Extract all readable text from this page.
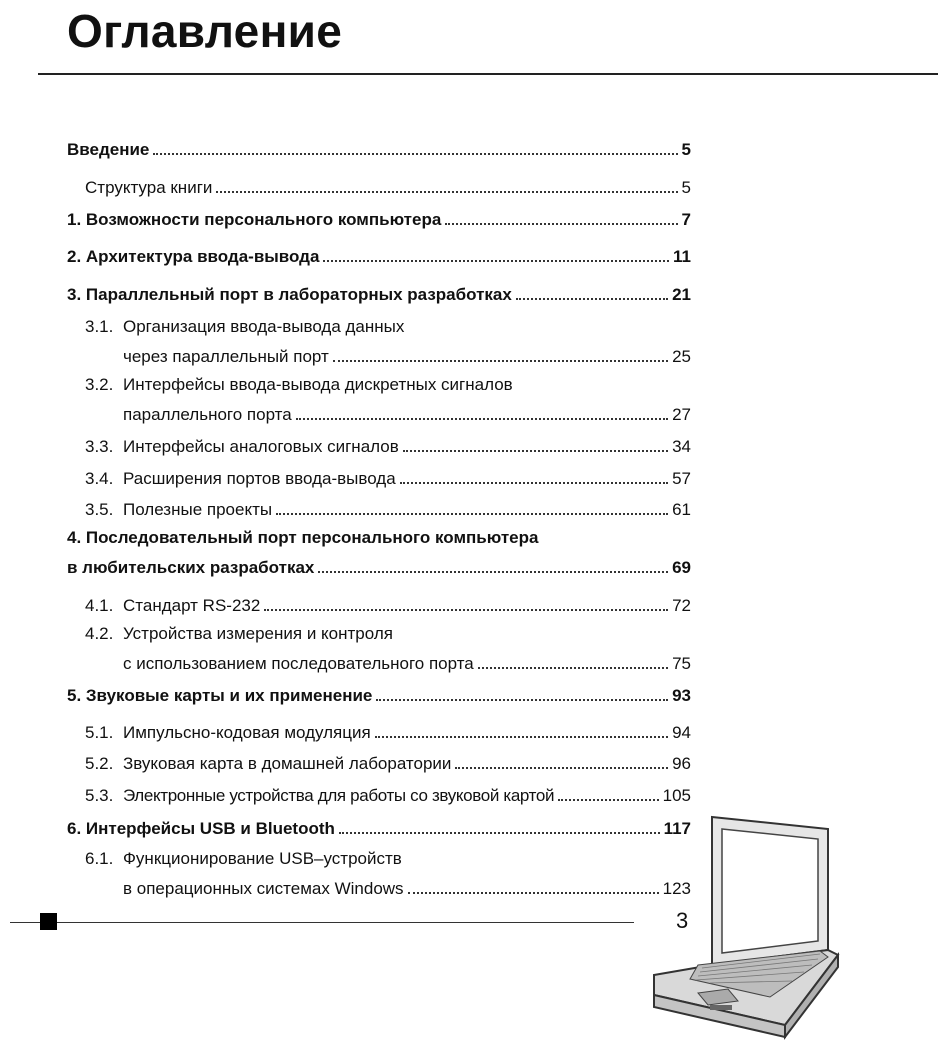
Оглавление
Введение	5
Структура книги	5
1. Возможности персонального компьютера	7
2. Архитектура ввода-вывода	11
3. Параллельный порт в лабораторных разработках	21
3.1. Организация ввода-вывода данных
через параллельный порт	25
3.2. Интерфейсы ввода-вывода дискретных сигналов
параллельного порта	27
3.3. Интерфейсы аналоговых сигналов	34
3.4. Расширения портов ввода-вывода	57
3.5. Полезные проекты	61
4. Последовательный порт персонального компьютера
в любительских разработках	69
4.1. Стандарт RS-232	72
4.2. Устройства измерения и контроля
с использованием последовательного порта	75
5. Звуковые карты и их применение	93
5.1. Импульсно-кодовая модуляция	94
5.2. Звуковая карта в домашней лаборатории	96
5.3. Электронные устройства для работы со звуковой картой	105
6. Интерфейсы USB и Bluetooth	117
6.1. Функционирование USB–устройств
в операционных системах Windows	123
3
